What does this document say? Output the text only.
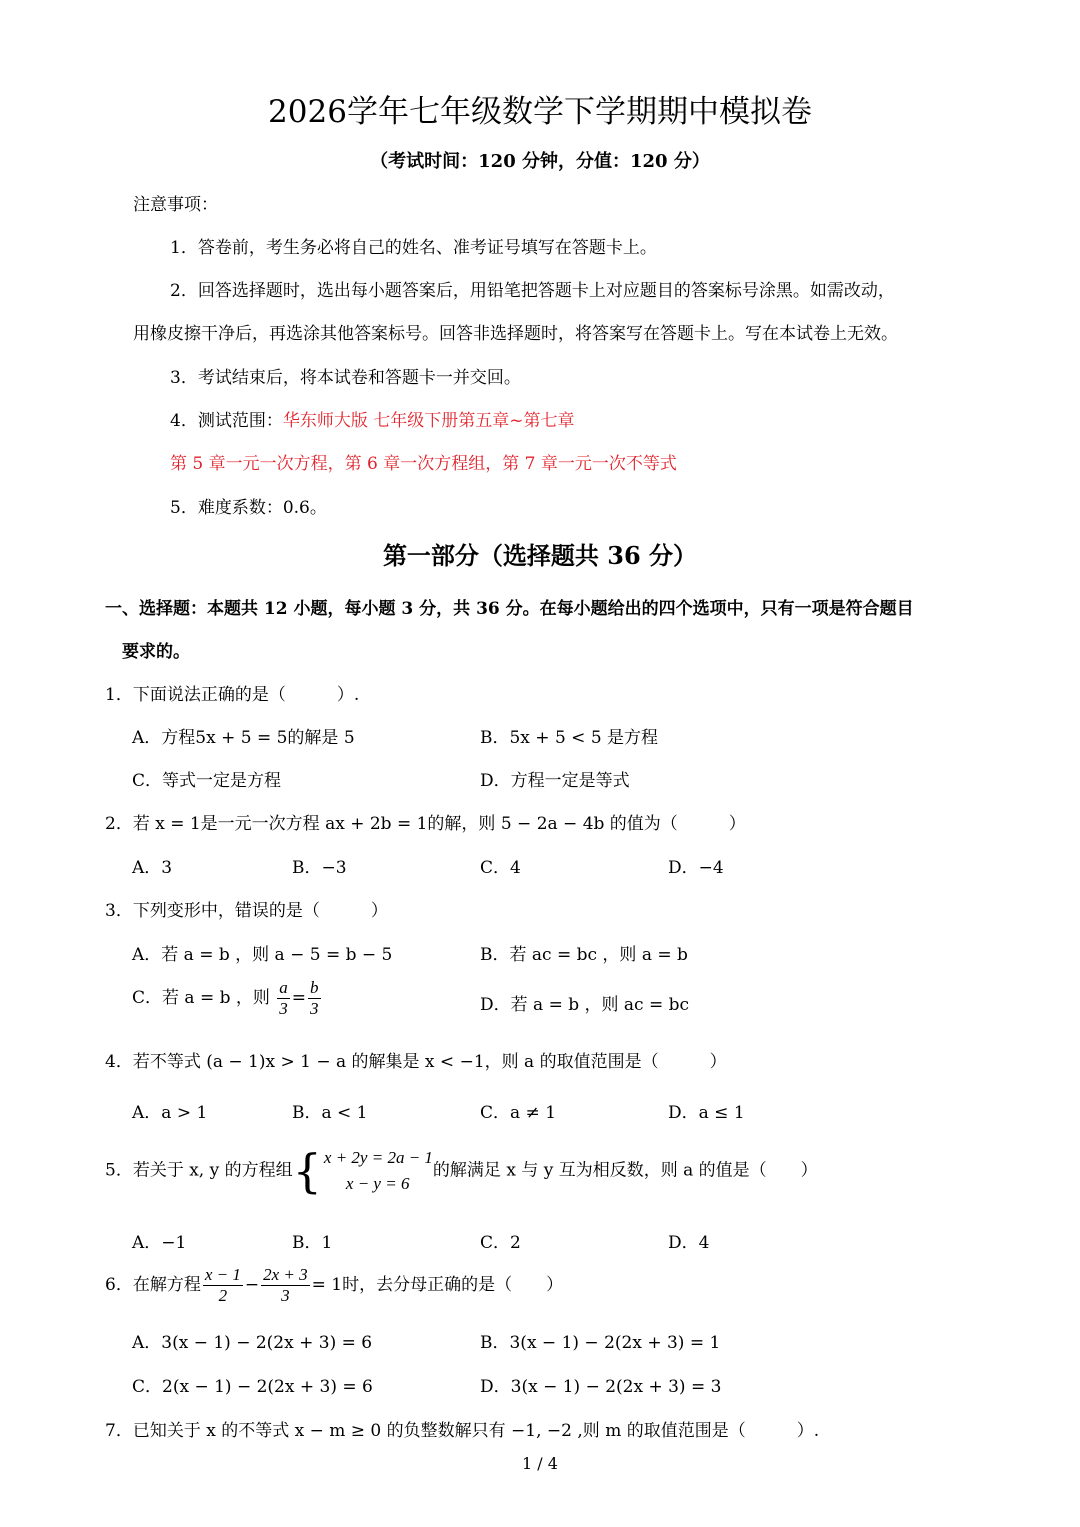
2026学年七年级数学下学期期中模拟卷
（考试时间：120 分钟，分值：120 分）
注意事项：
1．答卷前，考生务必将自己的姓名、准考证号填写在答题卡上。
2．回答选择题时，选出每小题答案后，用铅笔把答题卡上对应题目的答案标号涂黑。如需改动，
用橡皮擦干净后，再选涂其他答案标号。回答非选择题时，将答案写在答题卡上。写在本试卷上无效。
3．考试结束后，将本试卷和答题卡一并交回。
4．测试范围：华东师大版 七年级下册第五章~第七章
第 5 章一元一次方程，第 6 章一次方程组，第 7 章一元一次不等式
5．难度系数：0.6。
第一部分（选择题共 36 分）
一、选择题：本题共 12 小题，每小题 3 分，共 36 分。在每小题给出的四个选项中，只有一项是符合题目
要求的。
1．下面说法正确的是（　　　）.
A．方程5x + 5 = 5的解是 5	B．5x + 5 < 5 是方程
C．等式一定是方程	D．方程一定是等式
2．若 x = 1是一元一次方程 ax + 2b = 1的解，则 5 − 2a − 4b 的值为（　　　）
A．3	B．−3	C．4	D．−4
3．下列变形中，错误的是（　　　）
A．若 a = b ，则 a − 5 = b − 5	B．若 ac = bc ，则 a = b
C．若 a = b ，则 $\frac{a}{3} = \frac{b}{3}$	D．若 a = b ，则 ac = bc
4．若不等式 (a − 1)x > 1 − a 的解集是 x < −1，则 a 的取值范围是（　　　）
A．a > 1	B．a < 1	C．a ≠ 1	D．a ≤ 1
5．若关于 x, y 的方程组{ x + 2y = 2a − 1
x − y = 6
的解满足 x 与 y 互为相反数，则 a 的值是（　　）
A．−1	B．1	C．2	D．4
6．在解方程 $\frac{x - 1}{2} - \frac{2x + 3}{3} = 1$时，去分母正确的是（　　）
A．3(x − 1) − 2(2x + 3) = 6	B．3(x − 1) − 2(2x + 3) = 1
C．2(x − 1) − 2(2x + 3) = 6	D．3(x − 1) − 2(2x + 3) = 3
7．已知关于 x 的不等式 x − m ≥ 0 的负整数解只有 −1, −2 ,则 m 的取值范围是（　　　）.
1 / 4
